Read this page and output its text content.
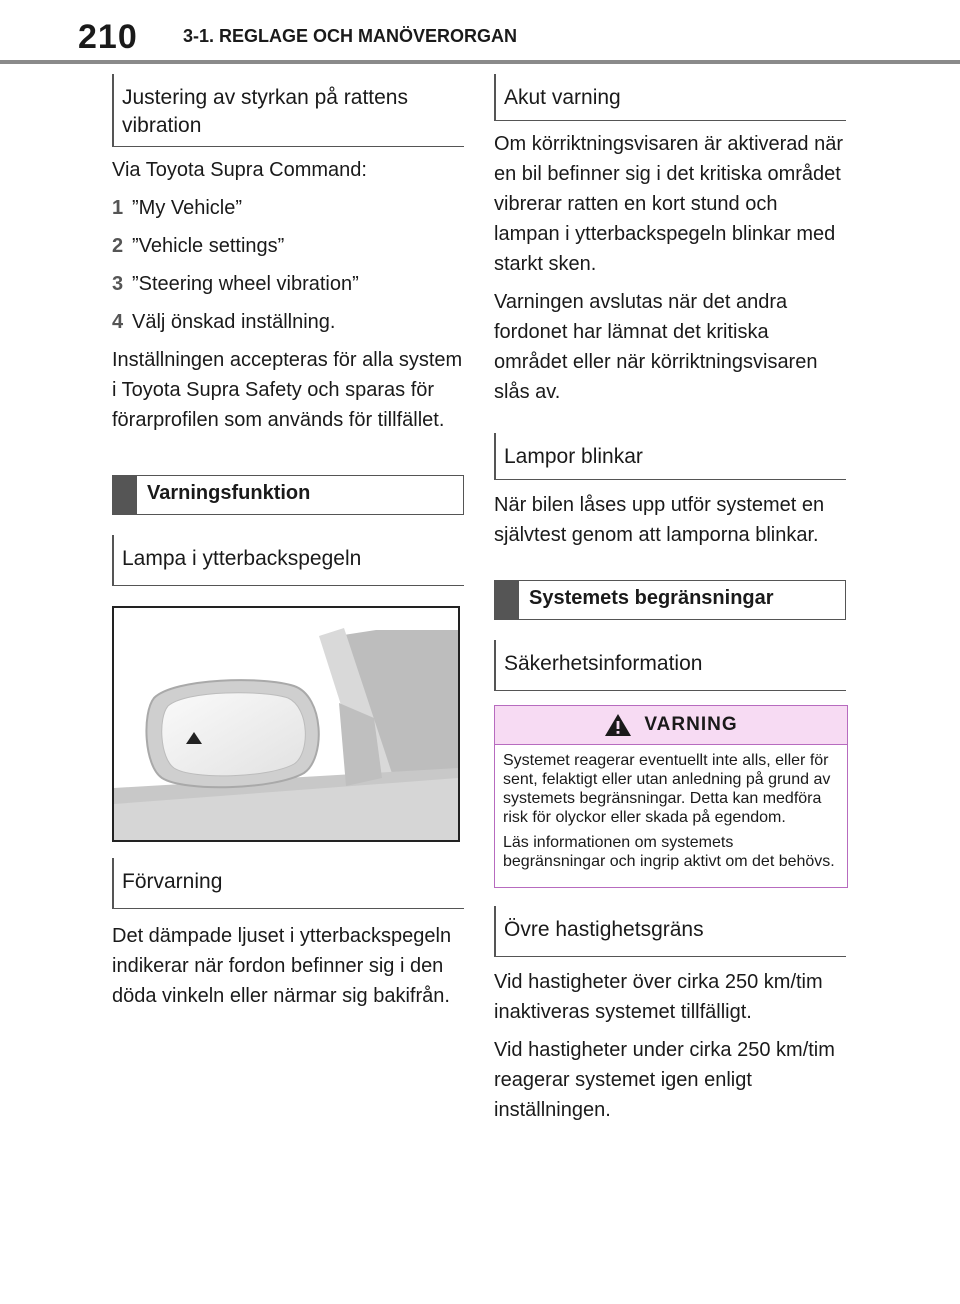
210	3-1. REGLAGE OCH MANÖVERORGAN
Justering av styrkan på rattens vibration

Via Toyota Supra Command:

1 ”My Vehicle”

2 ”Vehicle settings”

3 ”Steering wheel vibration”

4 Välj önskad inställning.

Inställningen accepteras för alla system i Toyota Supra Safety och sparas för förarprofilen som används för tillfället.

Varningsfunktion
Lampa i ytterbackspegeln
Förvarning

Det dämpade ljuset i ytterbackspegeln indikerar när fordon befinner sig i den döda vinkeln eller närmar sig bakifrån.

Akut varning

Om körriktningsvisaren är aktiverad när en bil befinner sig i det kritiska området vibrerar ratten en kort stund och lampan i ytterbackspegeln blinkar med starkt sken.

Varningen avslutas när det andra fordonet har lämnat det kritiska området eller när körriktningsvisaren slås av.

Lampor blinkar

När bilen låses upp utför systemet en självtest genom att lamporna blinkar.

Systemets begränsningar
Säkerhetsinformation
VARNING

Systemet reagerar eventuellt inte alls, eller för sent, felaktigt eller utan anledning på grund av systemets begränsningar. Detta kan medföra risk för olyckor eller skada på egendom.

Läs informationen om systemets begränsningar och ingrip aktivt om det behövs.

Övre hastighetsgräns

Vid hastigheter över cirka 250 km/tim inaktiveras systemet tillfälligt.

Vid hastigheter under cirka 250 km/tim reagerar systemet igen enligt inställningen.
